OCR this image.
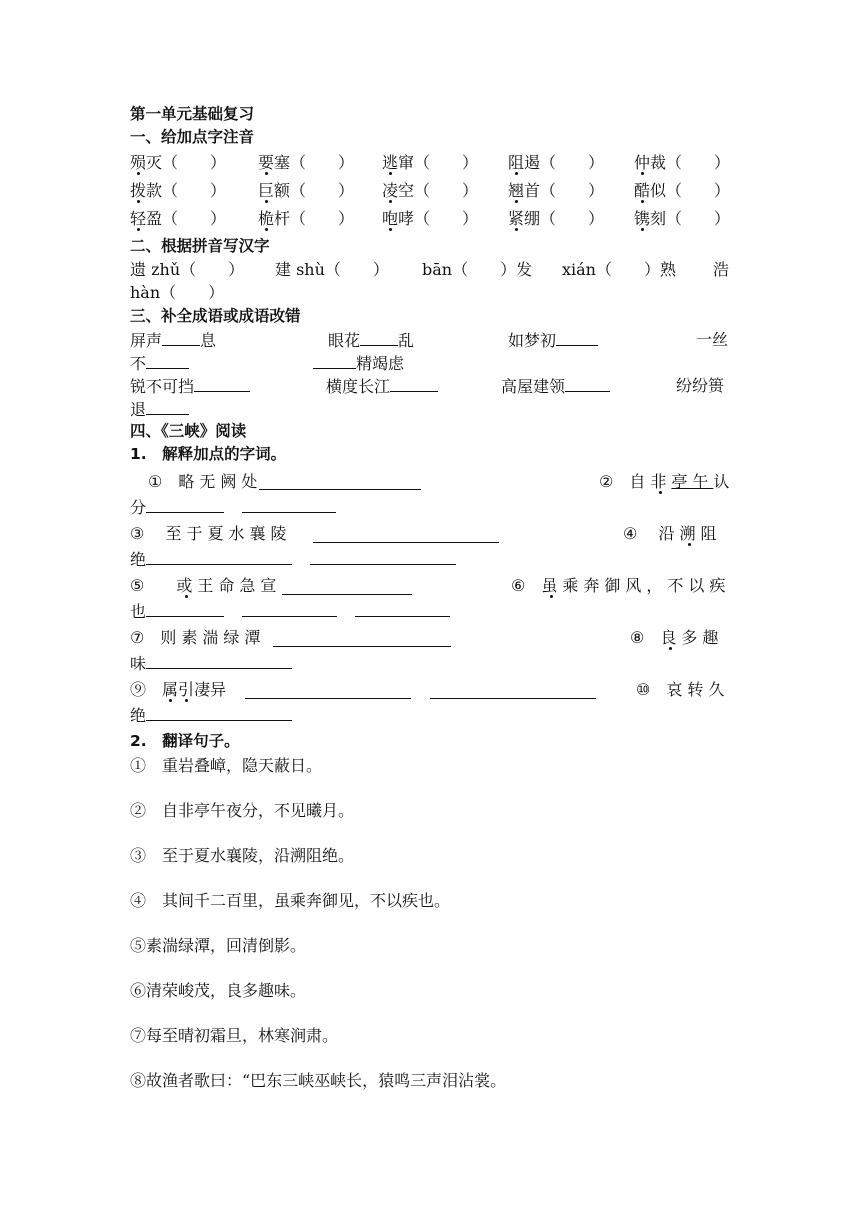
第一单元基础复习
一、给加点字注音
殒灭（　　） 要塞（　　） 逃窜（　　） 阻遏（　　） 仲裁（　　）
拨款（　　） 巨额（　　） 凌空（　　） 翘首（　　） 酷似（　　）
轻盈（　　） 桅杆（　　） 咆哮（　　） 紧绷（　　） 镌刻（　　）
二、根据拼音写汉字
遗 zhǔ（　　） 建 shù（　　） bān（　　）发 xián（　　）熟 浩
hàn（　　）
三、补全成语或成语改错
屏声 息	眼花 乱	如梦初	一丝
不	精竭虑
锐不可挡	横度长江	高屋建领	纷纷篑
退
四、《三峡》阅读
1.　解释加点的字词。
①　 略无阙处	②　 自非亭午认
分
③　 至于夏水襄陵	④　 沿溯阻
绝
⑤　　 或王命急宣	⑥　 虽乘奔御风，不以疾
也
⑦　 则素湍绿潭	⑧　 良多趣
味
⑨　 属引凄异	⑩　 哀转久
绝
2.　翻译句子。
①　重岩叠嶂，隐天蔽日。
②　自非亭午夜分，不见曦月。
③　至于夏水襄陵，沿溯阻绝。
④　其间千二百里，虽乘奔御见，不以疾也。
⑤素湍绿潭，回清倒影。
⑥清荣峻茂，良多趣味。
⑦每至晴初霜旦，林寒涧肃。
⑧故渔者歌曰：“巴东三峡巫峡长，猿鸣三声泪沾裳。
